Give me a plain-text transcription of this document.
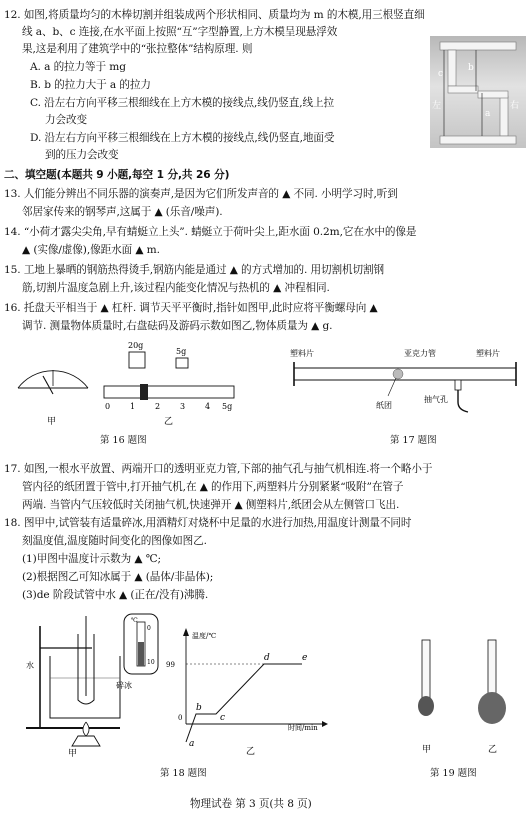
12. 如图,将质量均匀的木棒切割并组装成两个形状相同、质量均为 m 的木模,用三根竖直细
线 a、b、c 连接,在水平面上按照“互”字型静置,上方木模呈现悬浮效
果,这是利用了建筑学中的“张拉整体”结构原理. 则
A. a 的拉力等于 mg
B. b 的拉力大于 a 的拉力
C. 沿左右方向平移三根细线在上方木模的接线点,线仍竖直,线上拉
力会改变
D. 沿左右方向平移三根细线在上方木模的接线点,线仍竖直,地面受
到的压力会改变
c
b
a
左	右
二、填空题(本题共 9 小题,每空 1 分,共 26 分)
13. 人们能分辨出不同乐器的演奏声,是因为它们所发声音的 ▲ 不同. 小明学习时,听到
邻居家传来的钢琴声,这属于 ▲ (乐音/噪声).
14. “小荷才露尖尖角,早有蜻蜓立上头”. 蜻蜓立于荷叶尖上,距水面 0.2m,它在水中的像是
▲ (实像/虚像),像距水面 ▲ m.
15. 工地上暴晒的钢筋热得烫手,钢筋内能是通过 ▲ 的方式增加的. 用切割机切割钢
筋,切割片温度急剧上升,该过程内能变化情况与热机的 ▲ 冲程相同.
16. 托盘天平相当于 ▲ 杠杆. 调节天平平衡时,指针如图甲,此时应将平衡螺母向 ▲
调节. 测量物体质量时,右盘砝码及游码示数如图乙,物体质量为 ▲ g.
20g
5g
0 1 2 3 4 5g
甲	乙
第 16 题图
塑料片	亚克力管	塑料片
纸团
抽气孔
第 17 题图
17. 如图,一根水平放置、两端开口的透明亚克力管,下部的抽气孔与抽气机相连.将一个略小于
管内径的纸团置于管中,打开抽气机,在 ▲ 的作用下,两塑料片分别紧紧“吸附”在管子
两端. 当管内气压较低时关闭抽气机,快速弹开 ▲ 侧塑料片,纸团会从左侧管口飞出.
18. 图甲中,试管装有适量碎冰,用酒精灯对烧杯中足量的水进行加热,用温度计测量不同时
刻温度值,温度随时间变化的图像如图乙.
(1)甲图中温度计示数为 ▲ ℃;
(2)根据图乙可知冰属于 ▲ (晶体/非晶体);
(3)de 阶段试管中水 ▲ (正在/没有)沸腾.
℃
0
10
水
碎冰
甲
温度/℃
99
时间/min
0
a
b
c
d	e
乙
第 18 题图
甲	乙
第 19 题图
物理试卷 第 3 页(共 8 页)
